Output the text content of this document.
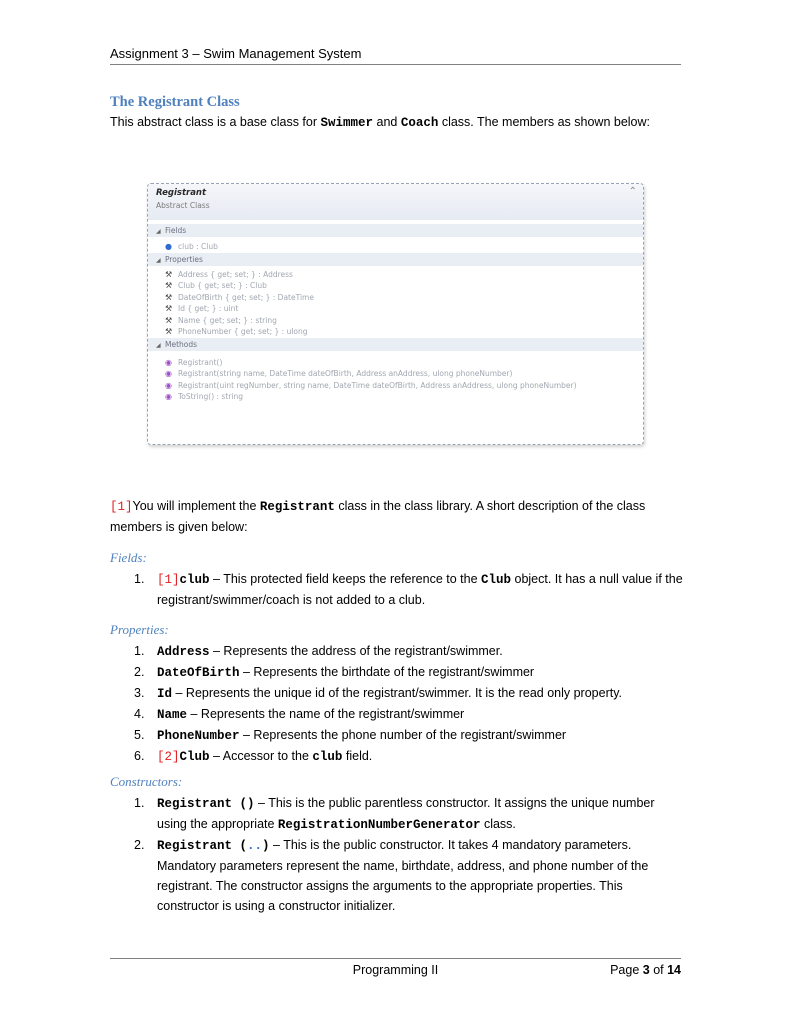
Assignment 3 – Swim Management System
The Registrant Class
This abstract class is a base class for Swimmer and Coach class. The members as shown below:
Registrant
Abstract Class
⌃
◢ Fields
● club : Club
◢ Properties
⚒ Address { get; set; } : Address
⚒ Club { get; set; } : Club
⚒ DateOfBirth { get; set; } : DateTime
⚒ Id { get; } : uint
⚒ Name { get; set; } : string
⚒ PhoneNumber { get; set; } : ulong
◢ Methods
◉ Registrant()
◉ Registrant(string name, DateTime dateOfBirth, Address anAddress, ulong phoneNumber)
◉ Registrant(uint regNumber, string name, DateTime dateOfBirth, Address anAddress, ulong phoneNumber)
◉ ToString() : string
[1]You will implement the Registrant class in the class library. A short description of the class members is given below:
Fields:
1. [1]club – This protected field keeps the reference to the Club object. It has a null value if the registrant/swimmer/coach is not added to a club.
Properties:
1. Address – Represents the address of the registrant/swimmer.
2. DateOfBirth – Represents the birthdate of the registrant/swimmer
3. Id – Represents the unique id of the registrant/swimmer. It is the read only property.
4. Name – Represents the name of the registrant/swimmer
5. PhoneNumber – Represents the phone number of the registrant/swimmer
6. [2]Club – Accessor to the club field.
Constructors:
1. Registrant () – This is the public parentless constructor. It assigns the unique number using the appropriate RegistrationNumberGenerator class.
2. Registrant (..) – This is the public constructor. It takes 4 mandatory parameters. Mandatory parameters represent the name, birthdate, address, and phone number of the registrant. The constructor assigns the arguments to the appropriate properties. This constructor is using a constructor initializer.
Programming II	Page 3 of 14
